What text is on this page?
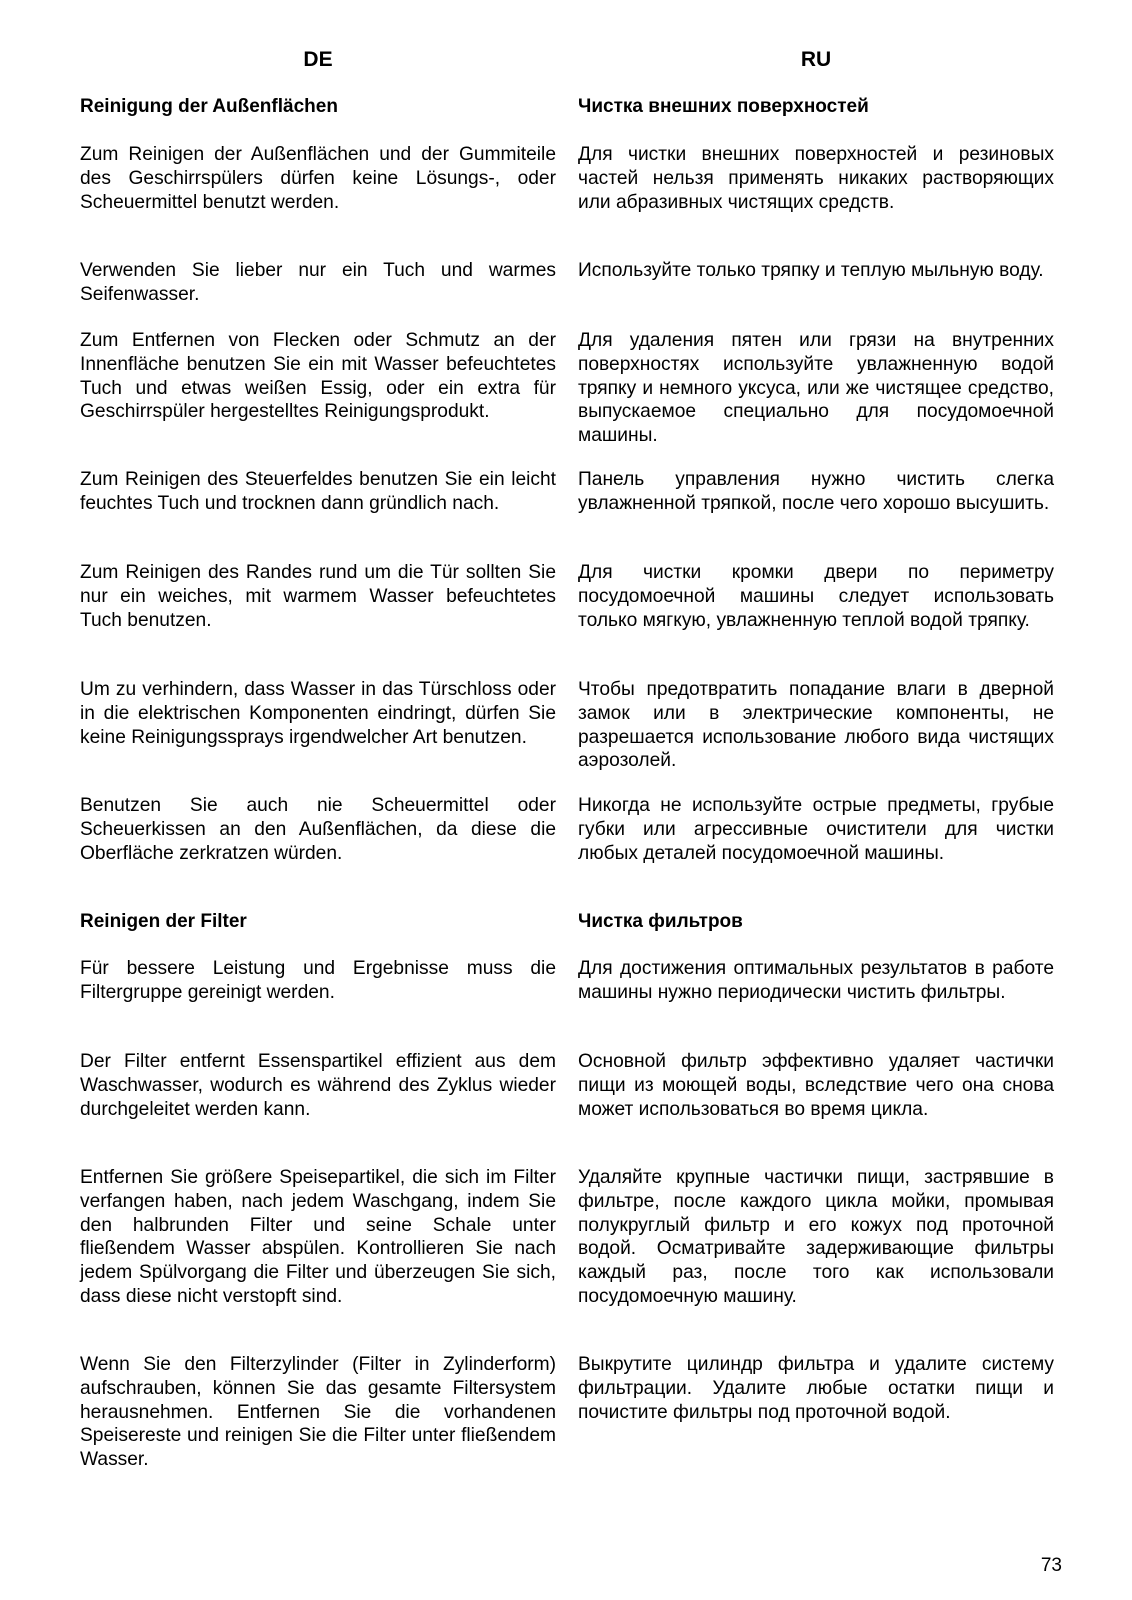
DE
Reinigung der Außenflächen
Zum Reinigen der Außenflächen und der Gummiteile des Geschirrspülers dürfen keine Lösungs-, oder Scheuermittel benutzt werden.
Verwenden Sie lieber nur ein Tuch und warmes Seifenwasser.
Zum Entfernen von Flecken oder Schmutz an der Innenfläche benutzen Sie ein mit Wasser befeuchtetes Tuch und etwas weißen Essig, oder ein extra für Geschirrspüler hergestelltes Reinigungsprodukt.
Zum Reinigen des Steuerfeldes benutzen Sie ein leicht feuchtes Tuch und trocknen dann gründlich nach.
Zum Reinigen des Randes rund um die Tür sollten Sie nur ein weiches, mit warmem Wasser befeuchtetes Tuch benutzen.
Um zu verhindern, dass Wasser in das Türschloss oder in die elektrischen Komponenten eindringt, dürfen Sie keine Reinigungssprays irgendwelcher Art benutzen.
Benutzen Sie auch nie Scheuermittel oder Scheuerkissen an den Außenflächen, da diese die Oberfläche zerkratzen würden.
Reinigen der Filter
Für bessere Leistung und Ergebnisse muss die Filtergruppe gereinigt werden.
Der Filter entfernt Essenspartikel effizient aus dem Waschwasser, wodurch es während des Zyklus wieder durchgeleitet werden kann.
Entfernen Sie größere Speisepartikel, die sich im Filter verfangen haben, nach jedem Waschgang, indem Sie den halbrunden Filter und seine Schale unter fließendem Wasser abspülen. Kontrollieren Sie nach jedem Spülvorgang die Filter und überzeugen Sie sich, dass diese nicht verstopft sind.
Wenn Sie den Filterzylinder (Filter in Zylinderform) aufschrauben, können Sie das gesamte Filtersystem herausnehmen. Entfernen Sie die vorhandenen Speisereste und reinigen Sie die Filter unter fließendem Wasser.
RU
Чистка внешних поверхностей
Для чистки внешних поверхностей и резиновых частей нельзя применять никаких растворяющих или абразивных чистящих средств.
Используйте только тряпку и теплую мыльную воду.
Для удаления пятен или грязи на внутренних поверхностях используйте увлажненную водой тряпку и немного уксуса, или же чистящее средство, выпускаемое специально для посудомоечной машины.
Панель управления нужно чистить слегка увлажненной тряпкой, после чего хорошо высушить.
Для чистки кромки двери по периметру посудомоечной машины следует использовать только мягкую, увлажненную теплой водой тряпку.
Чтобы предотвратить попадание влаги в дверной замок или в электрические компоненты, не разрешается использование любого вида чистящих аэрозолей.
Никогда не используйте острые предметы, грубые губки или агрессивные очистители для чистки любых деталей посудомоечной машины.
Чистка фильтров
Для достижения оптимальных результатов в работе машины нужно периодически чистить фильтры.
Основной фильтр эффективно удаляет частички пищи из моющей воды, вследствие чего она снова может использоваться во время цикла.
Удаляйте крупные частички пищи, застрявшие в фильтре, после каждого цикла мойки, промывая полукруглый фильтр и его кожух под проточной водой. Осматривайте задерживающие фильтры каждый раз, после того как использовали посудомоечную машину.
Выкрутите цилиндр фильтра и удалите систему фильтрации. Удалите любые остатки пищи и почистите фильтры под проточной водой.
73
